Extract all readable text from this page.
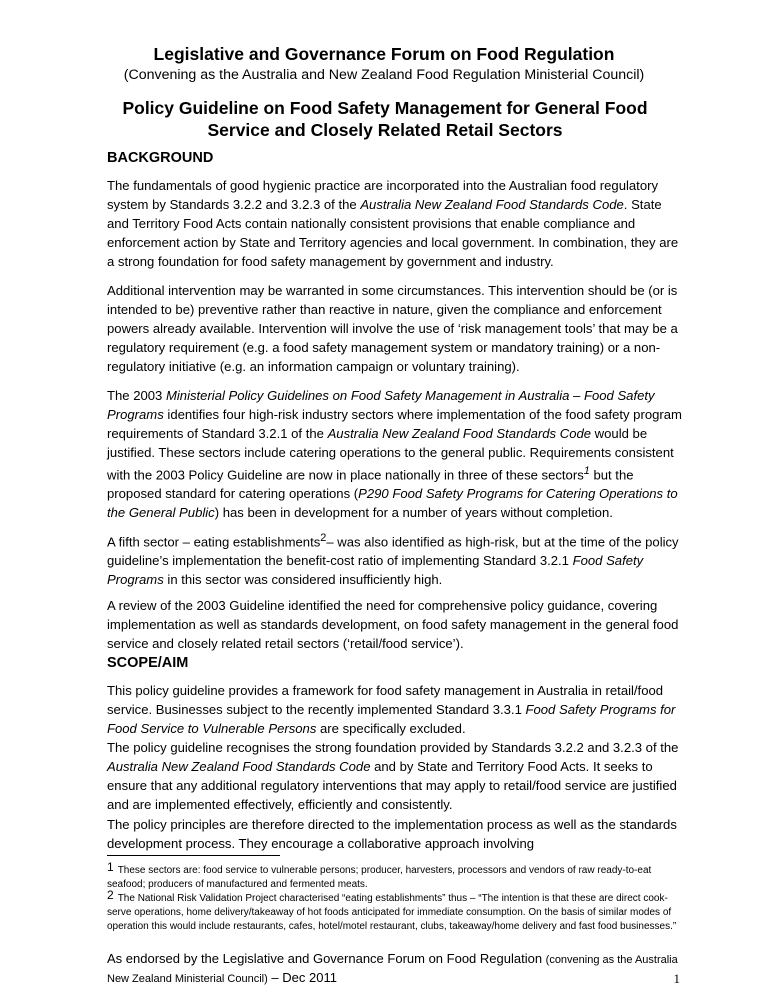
Legislative and Governance Forum on Food Regulation
(Convening as the Australia and New Zealand Food Regulation Ministerial Council)
Policy Guideline on Food Safety Management for General Food Service and Closely Related Retail Sectors
BACKGROUND
The fundamentals of good hygienic practice are incorporated into the Australian food regulatory system by Standards 3.2.2 and 3.2.3 of the Australia New Zealand Food Standards Code. State and Territory Food Acts contain nationally consistent provisions that enable compliance and enforcement action by State and Territory agencies and local government. In combination, they are a strong foundation for food safety management by government and industry.
Additional intervention may be warranted in some circumstances. This intervention should be (or is intended to be) preventive rather than reactive in nature, given the compliance and enforcement powers already available. Intervention will involve the use of ‘risk management tools’ that may be a regulatory requirement (e.g. a food safety management system or mandatory training) or a non-regulatory initiative (e.g. an information campaign or voluntary training).
The 2003 Ministerial Policy Guidelines on Food Safety Management in Australia – Food Safety Programs identifies four high-risk industry sectors where implementation of the food safety program requirements of Standard 3.2.1 of the Australia New Zealand Food Standards Code would be justified. These sectors include catering operations to the general public. Requirements consistent with the 2003 Policy Guideline are now in place nationally in three of these sectors$^1$ but the proposed standard for catering operations (P290 Food Safety Programs for Catering Operations to the General Public) has been in development for a number of years without completion.
A fifth sector – eating establishments$^2$– was also identified as high-risk, but at the time of the policy guideline’s implementation the benefit-cost ratio of implementing Standard 3.2.1 Food Safety Programs in this sector was considered insufficiently high.
A review of the 2003 Guideline identified the need for comprehensive policy guidance, covering implementation as well as standards development, on food safety management in the general food service and closely related retail sectors (‘retail/food service’).
SCOPE/AIM
This policy guideline provides a framework for food safety management in Australia in retail/food service. Businesses subject to the recently implemented Standard 3.3.1 Food Safety Programs for Food Service to Vulnerable Persons are specifically excluded.
The policy guideline recognises the strong foundation provided by Standards 3.2.2 and 3.2.3 of the Australia New Zealand Food Standards Code and by State and Territory Food Acts. It seeks to ensure that any additional regulatory interventions that may apply to retail/food service are justified and are implemented effectively, efficiently and consistently.
The policy principles are therefore directed to the implementation process as well as the standards development process. They encourage a collaborative approach involving
$^1$ These sectors are: food service to vulnerable persons; producer, harvesters, processors and vendors of raw ready-to-eat seafood; producers of manufactured and fermented meats.
$^2$ The National Risk Validation Project characterised “eating establishments” thus – “The intention is that these are direct cook-serve operations, home delivery/takeaway of hot foods anticipated for immediate consumption. On the basis of similar modes of operation this would include restaurants, cafes, hotel/motel restaurant, clubs, takeaway/home delivery and fast food businesses.”
As endorsed by the Legislative and Governance Forum on Food Regulation (convening as the Australia New Zealand Ministerial Council) – Dec 2011	1
